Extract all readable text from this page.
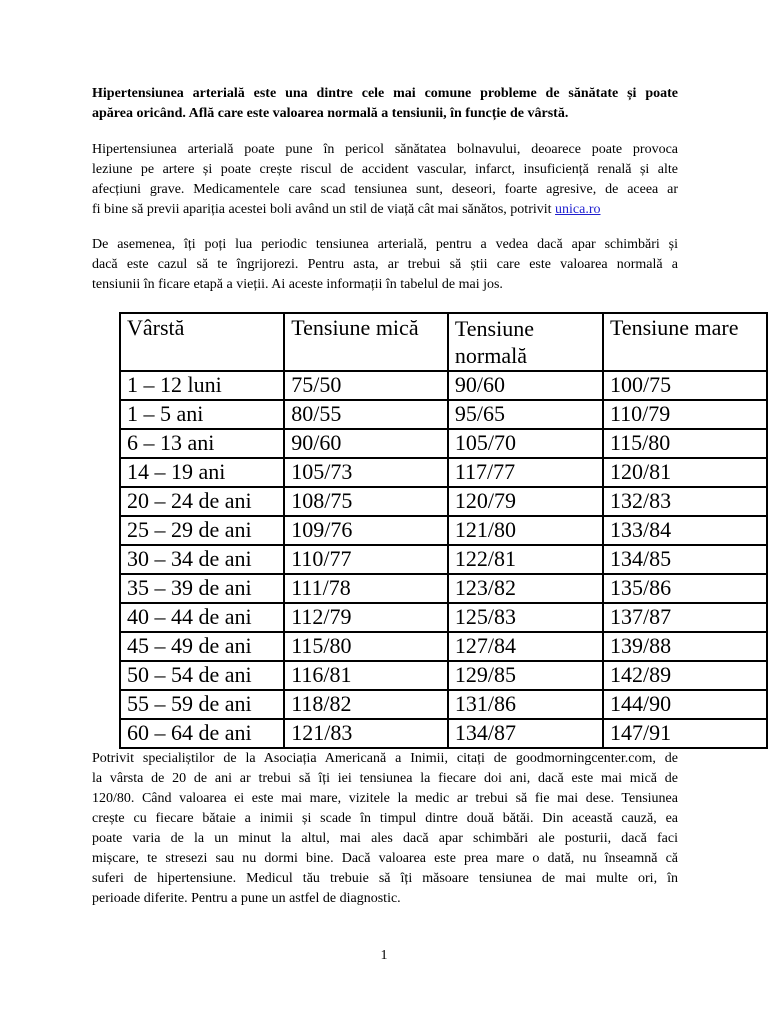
Hipertensiunea arterială este una dintre cele mai comune probleme de sănătate și poate
apărea oricând. Află care este valoarea normală a tensiunii, în funcție de vârstă.
Hipertensiunea arterială poate pune în pericol sănătatea bolnavului, deoarece poate provoca
leziune pe artere și poate crește riscul de accident vascular, infarct, insuficiență renală și alte
afecțiuni grave. Medicamentele care scad tensiunea sunt, deseori, foarte agresive, de aceea ar
fi bine să previi apariția acestei boli având un stil de viață cât mai sănătos, potrivit unica.ro
De asemenea, îți poți lua periodic tensiunea arterială, pentru a vedea dacă apar schimbări și
dacă este cazul să te îngrijorezi. Pentru asta, ar trebui să știi care este valoarea normală a
tensiunii în ficare etapă a vieții. Ai aceste informații în tabelul de mai jos.
Vârstă	Tensiune mică	Tensiune normală	Tensiune mare
1 – 12 luni	75/50	90/60	100/75
1 – 5 ani	80/55	95/65	110/79
6 – 13 ani	90/60	105/70	115/80
14 – 19 ani	105/73	117/77	120/81
20 – 24 de ani	108/75	120/79	132/83
25 – 29 de ani	109/76	121/80	133/84
30 – 34 de ani	110/77	122/81	134/85
35 – 39 de ani	111/78	123/82	135/86
40 – 44 de ani	112/79	125/83	137/87
45 – 49 de ani	115/80	127/84	139/88
50 – 54 de ani	116/81	129/85	142/89
55 – 59 de ani	118/82	131/86	144/90
60 – 64 de ani	121/83	134/87	147/91
Potrivit specialiștilor de la Asociația Americană a Inimii, citați de goodmorningcenter.com, de
la vârsta de 20 de ani ar trebui să îți iei tensiunea la fiecare doi ani, dacă este mai mică de
120/80. Când valoarea ei este mai mare, vizitele la medic ar trebui să fie mai dese. Tensiunea
crește cu fiecare bătaie a inimii și scade în timpul dintre două bătăi. Din această cauză, ea
poate varia de la un minut la altul, mai ales dacă apar schimbări ale posturii, dacă faci
mișcare, te stresezi sau nu dormi bine. Dacă valoarea este prea mare o dată, nu înseamnă că
suferi de hipertensiune. Medicul tău trebuie să îți măsoare tensiunea de mai multe ori, în
perioade diferite. Pentru a pune un astfel de diagnostic.
1
